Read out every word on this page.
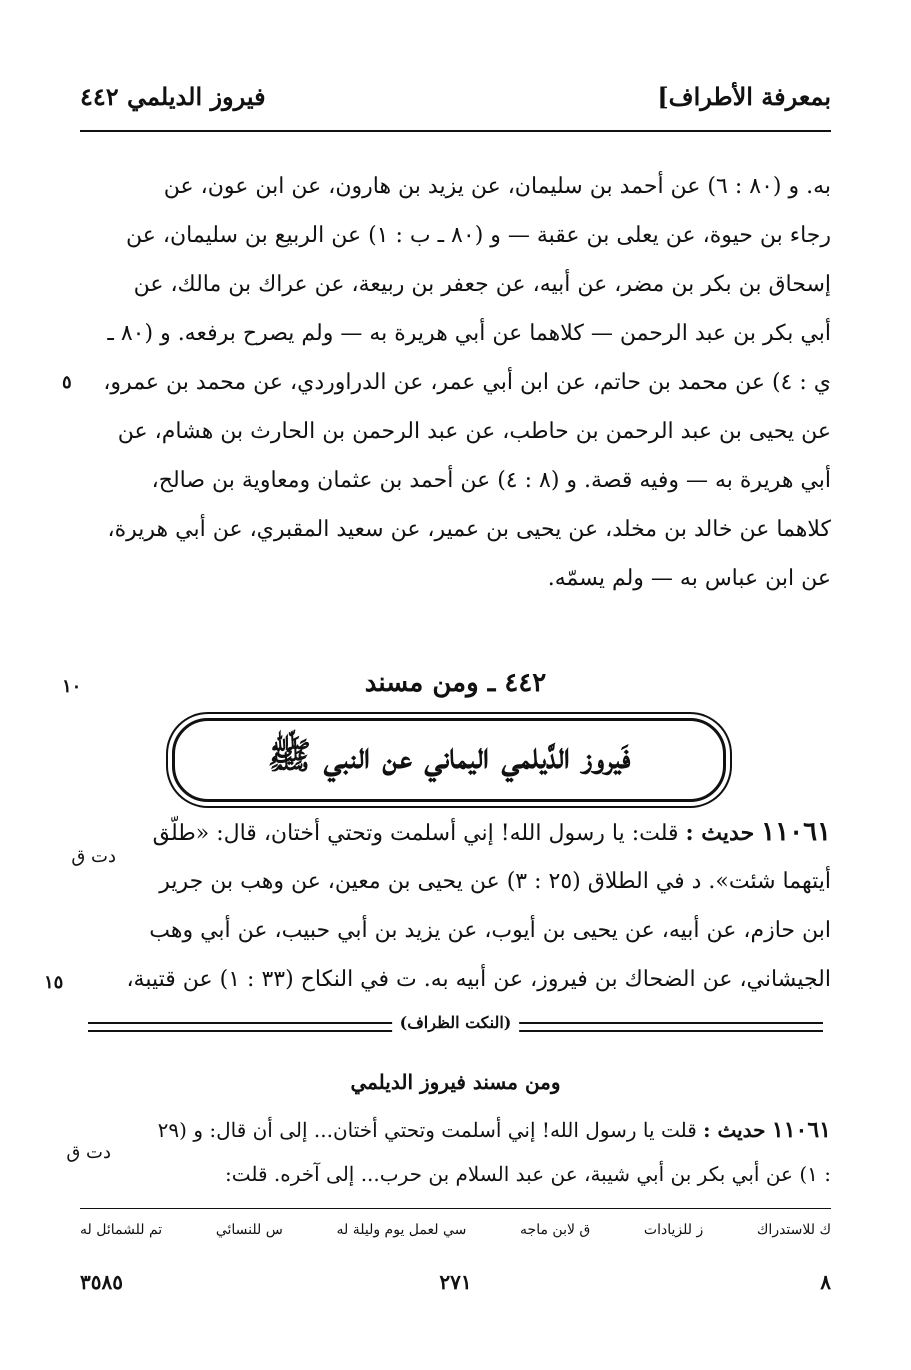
بمعرفة الأطراف]
فيروز الديلمي ٤٤٢
به. و (٨٠ : ٦) عن أحمد بن سليمان، عن يزيد بن هارون، عن ابن عون، عن
رجاء بن حيوة، عن يعلى بن عقبة — و (٨٠ ـ ب : ١) عن الربيع بن سليمان، عن
إسحاق بن بكر بن مضر، عن أبيه، عن جعفر بن ربيعة، عن عراك بن مالك، عن
أبي بكر بن عبد الرحمن — كلاهما عن أبي هريرة به — ولم يصرح برفعه. و (٨٠ ـ
ي : ٤) عن محمد بن حاتم، عن ابن أبي عمر، عن الدراوردي، عن محمد بن عمرو،
عن يحيى بن عبد الرحمن بن حاطب، عن عبد الرحمن بن الحارث بن هشام، عن
أبي هريرة به — وفيه قصة. و (٨ : ٤) عن أحمد بن عثمان ومعاوية بن صالح،
كلاهما عن خالد بن مخلد، عن يحيى بن عمير، عن سعيد المقبري، عن أبي هريرة،
عن ابن عباس به — ولم يسمّه.
٥
٤٤٢ ـ ومن مسند
١٠
فَيروز الدَّيلمي اليماني عن النبي ﷺ
١١٠٦١ حديث : قلت: يا رسول الله! إني أسلمت وتحتي أختان، قال: «طلّق
أيتهما شئت». د في الطلاق (٢٥ : ٣) عن يحيى بن معين، عن وهب بن جرير
ابن حازم، عن أبيه، عن يحيى بن أيوب، عن يزيد بن أبي حبيب، عن أبي وهب
الجيشاني، عن الضحاك بن فيروز، عن أبيه به. ت في النكاح (٣٣ : ١) عن قتيبة،
دت ق
١٥
(النكت الظراف)
ومن مسند فيروز الديلمي
١١٠٦١ حديث : قلت يا رسول الله! إني أسلمت وتحتي أختان... إلى أن قال: و (٢٩
: ١) عن أبي بكر بن أبي شيبة، عن عبد السلام بن حرب... إلى آخره. قلت:
دت ق
تم للشمائل له	س للنسائي	سي لعمل يوم وليلة له	ق لابن ماجه	ز للزيادات	ك للاستدراك
٣٥٨٥	٢٧١	٨
